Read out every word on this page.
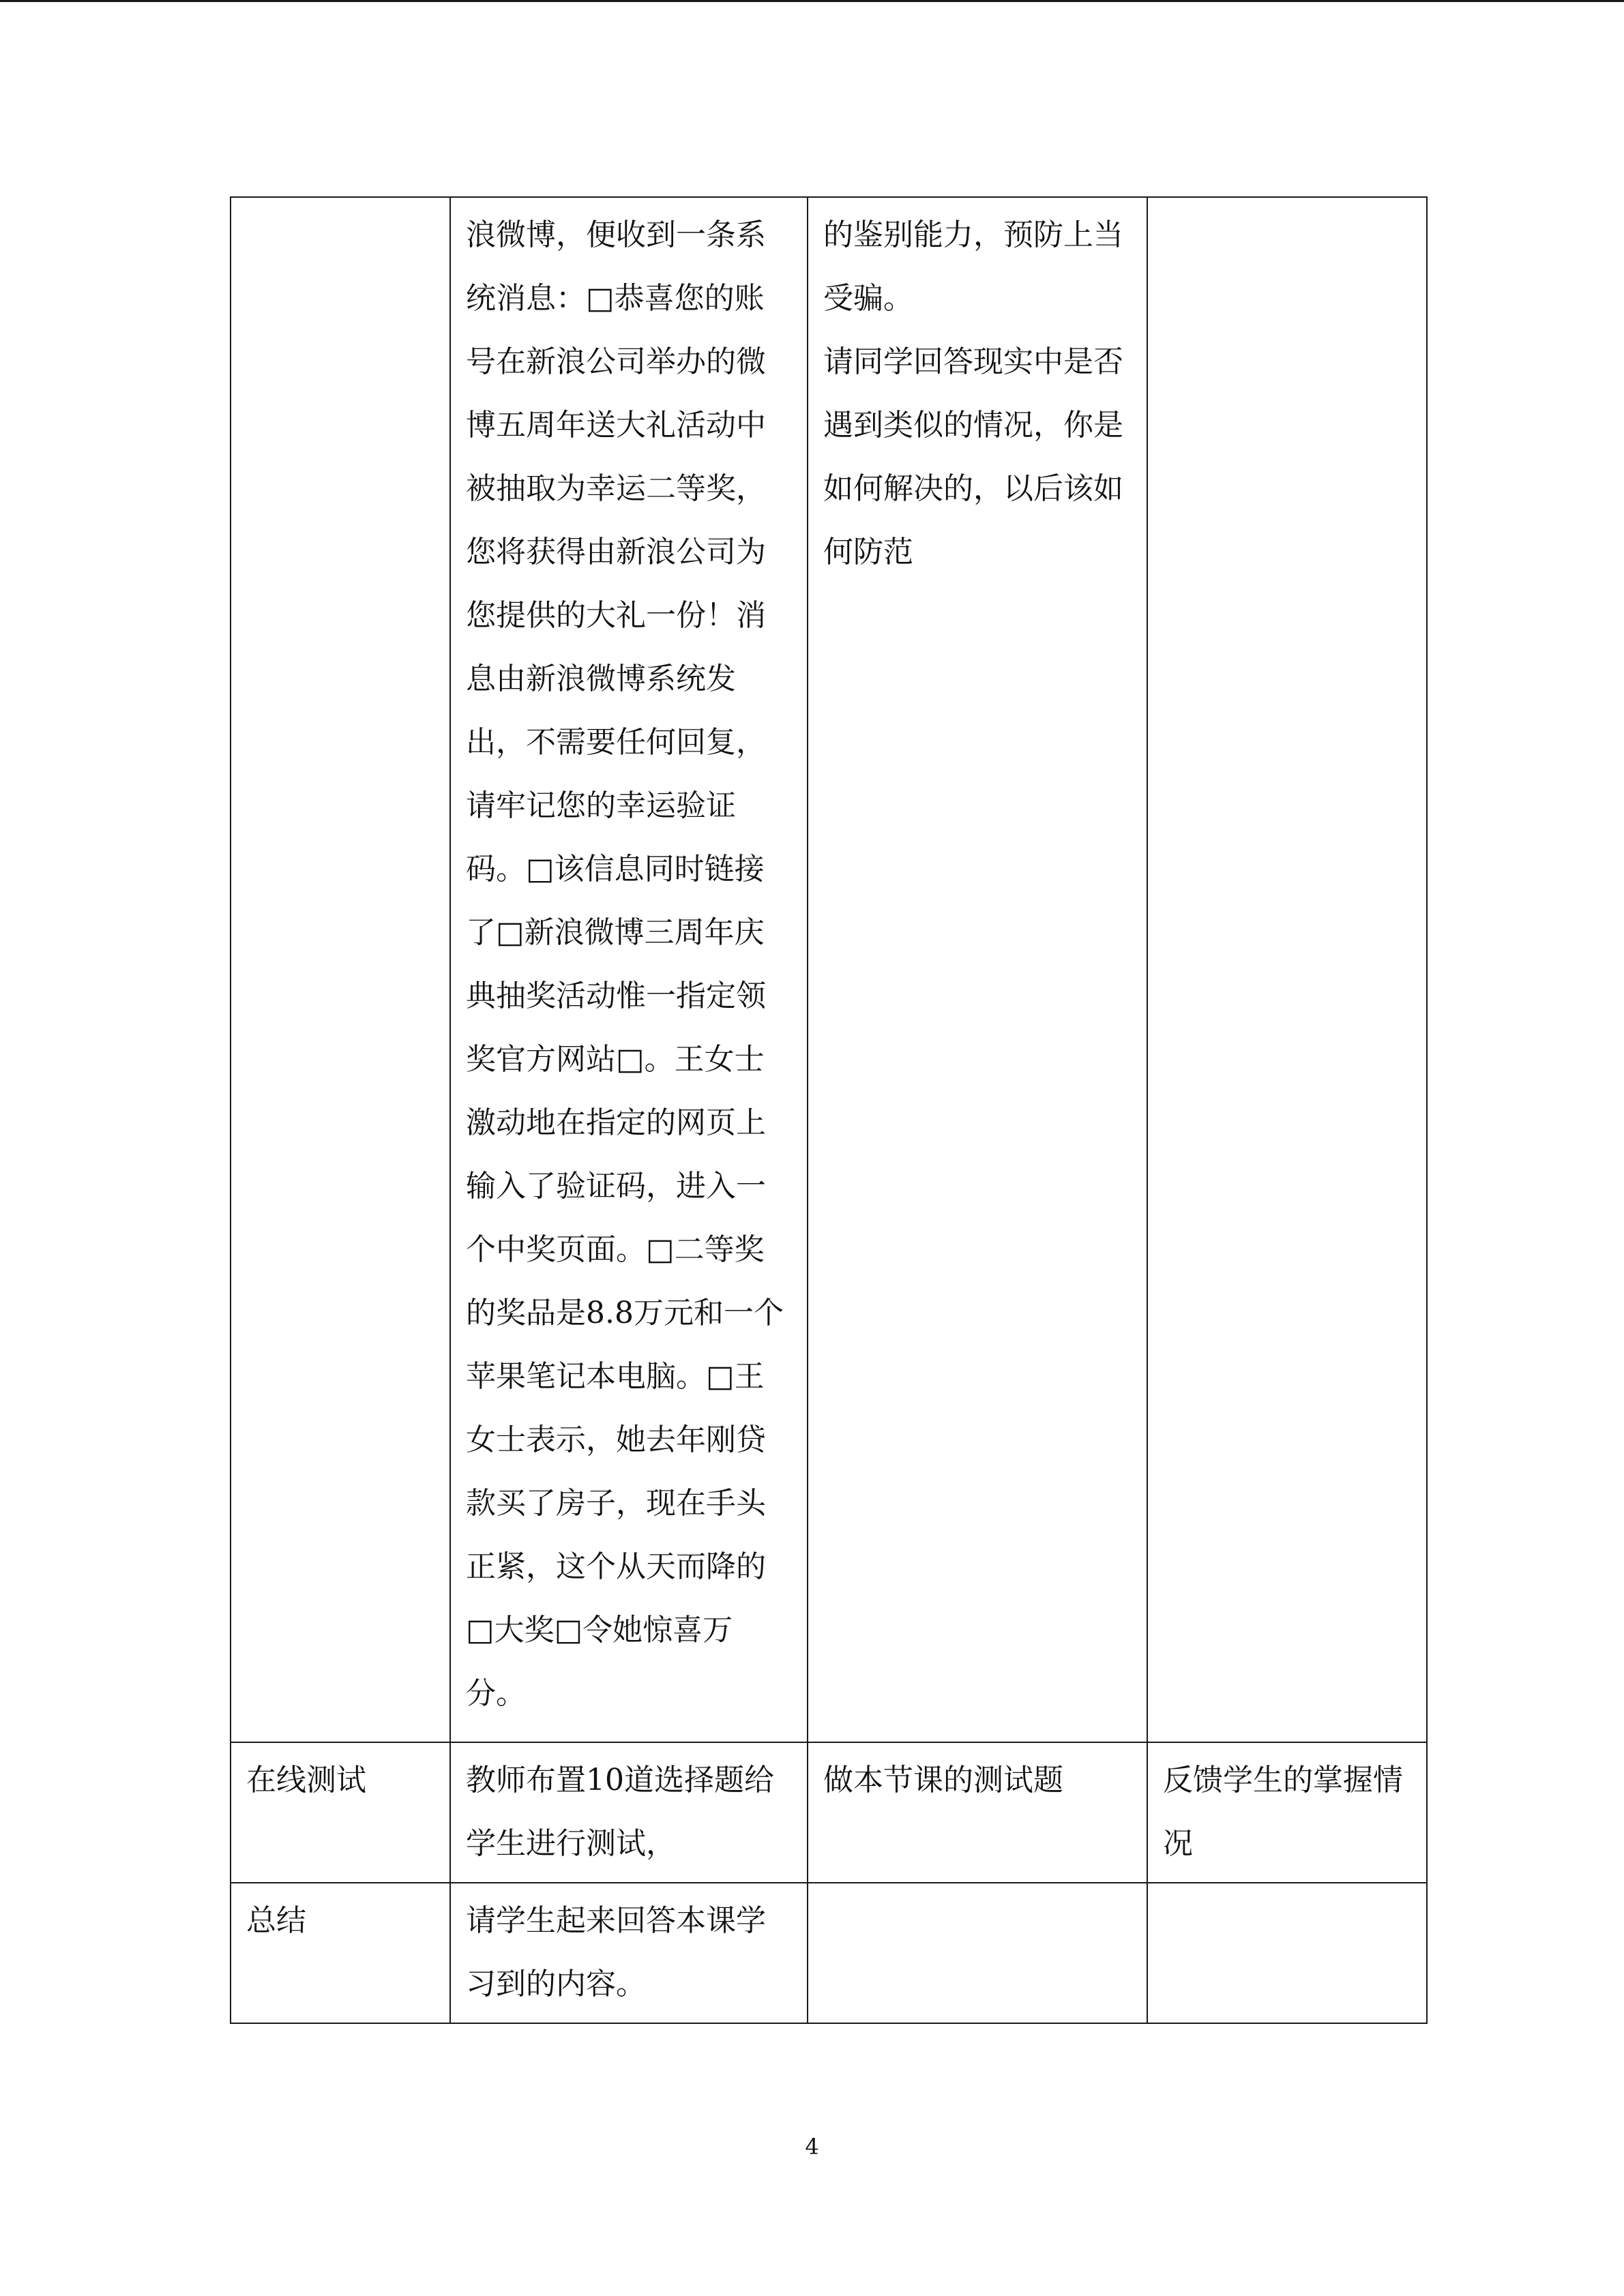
	浪微博，便收到一条系统消息：□恭喜您的账号在新浪公司举办的微博五周年送大礼活动中被抽取为幸运二等奖，您将获得由新浪公司为您提供的大礼一份！消息由新浪微博系统发出，不需要任何回复，请牢记您的幸运验证码。□该信息同时链接了□新浪微博三周年庆典抽奖活动惟一指定领奖官方网站□。王女士激动地在指定的网页上输入了验证码，进入一个中奖页面。□二等奖的奖品是8.8万元和一个苹果笔记本电脑。□王女士表示，她去年刚贷款买了房子，现在手头正紧，这个从天而降的□大奖□令她惊喜万分。	的鉴别能力，预防上当受骗。
请同学回答现实中是否遇到类似的情况，你是如何解决的，以后该如何防范	

在线测试	教师布置10道选择题给学生进行测试，	做本节课的测试题	反馈学生的掌握情况

总结	请学生起来回答本课学习到的内容。		

4
